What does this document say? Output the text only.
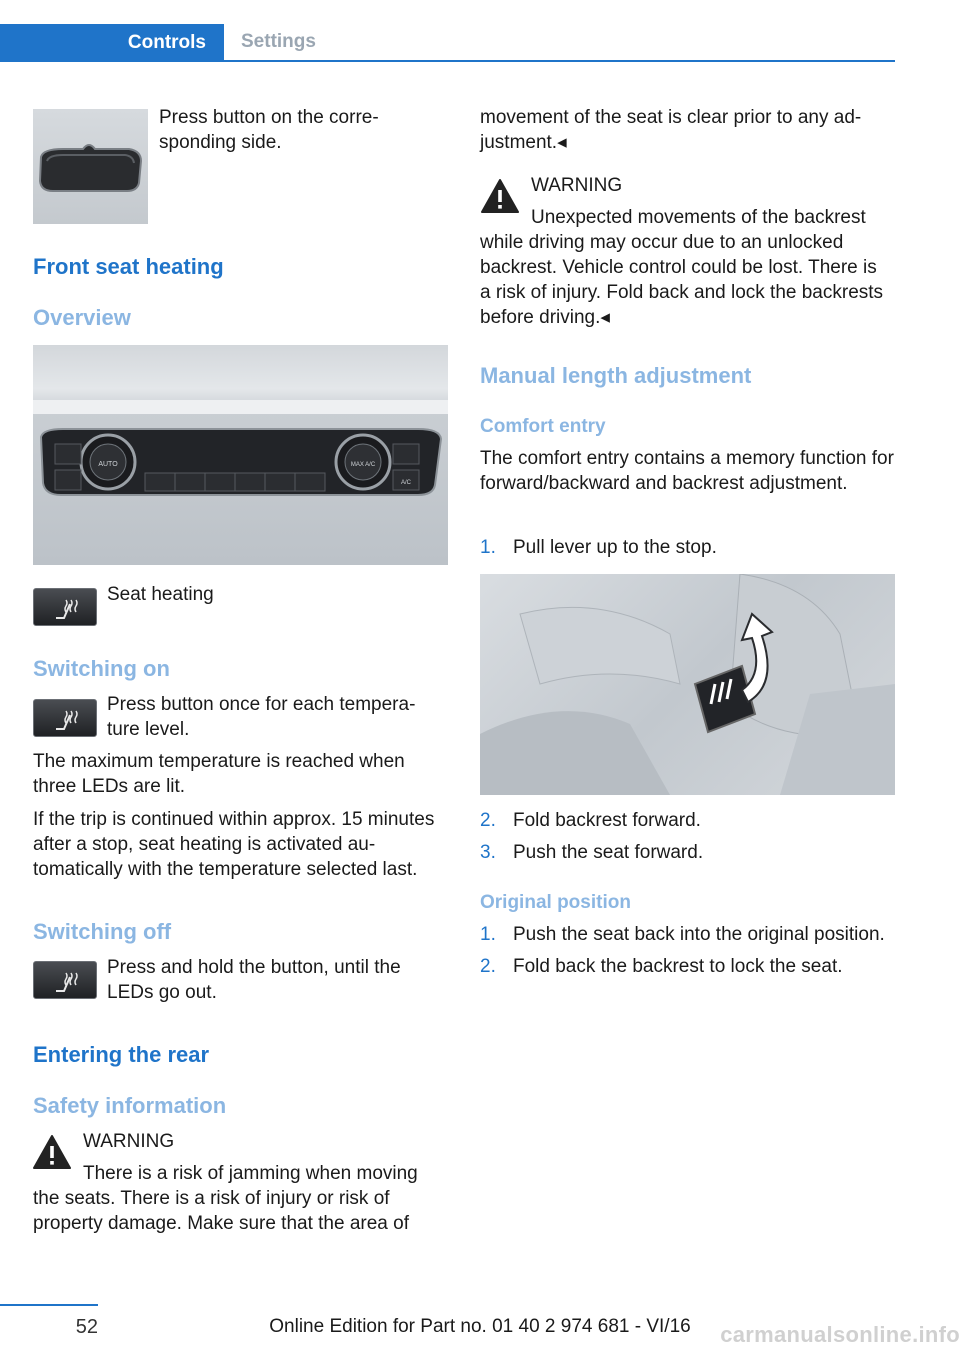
Controls	Settings

Press button on the corresponding side.

Front seat heating
Overview
AUTO	MAX A/C
A/C

Seat heating

Switching on

Press button once for each temperature level.

The maximum temperature is reached when three LEDs are lit.

If the trip is continued within approx. 15 minutes after a stop, seat heating is activated automatically with the temperature selected last.

Switching off

Press and hold the button, until the LEDs go out.

Entering the rear
Safety information

WARNING

There is a risk of jamming when moving the seats. There is a risk of injury or risk of property damage. Make sure that the area of

movement of the seat is clear prior to any adjustment.◂

WARNING

Unexpected movements of the backrest while driving may occur due to an unlocked backrest. Vehicle control could be lost. There is a risk of injury. Fold back and lock the backrests before driving.◂

Manual length adjustment
Comfort entry

The comfort entry contains a memory function for forward/backward and backrest adjustment.

1. Pull lever up to the stop.
2. Fold backrest forward.
3. Push the seat forward.
Original position
1. Push the seat back into the original position.
2. Fold back the backrest to lock the seat.
52	Online Edition for Part no. 01 40 2 974 681 - VI/16	carmanualsonline.info
